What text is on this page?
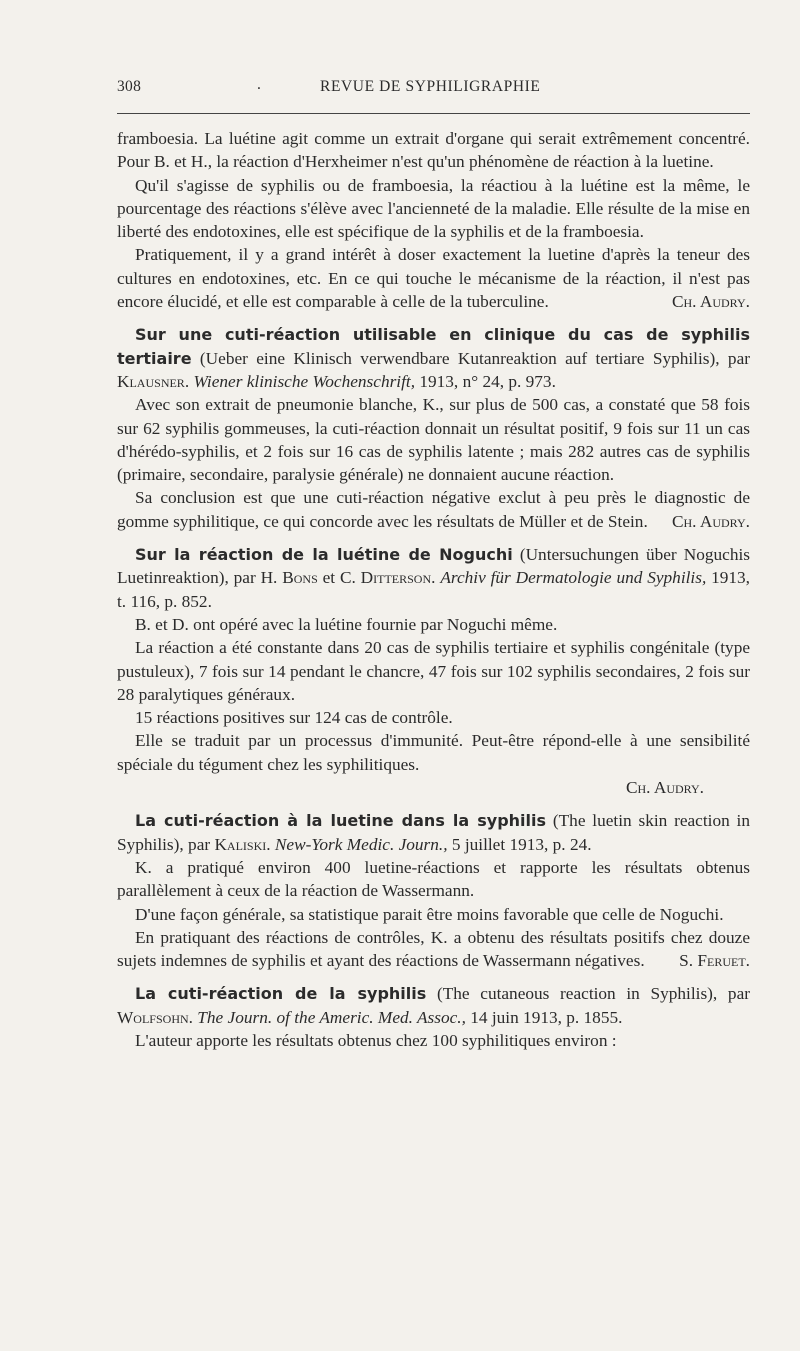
308	.	REVUE DE SYPHILIGRAPHIE

framboesia. La luétine agit comme un extrait d'organe qui serait extrêmement concentré. Pour B. et H., la réaction d'Herxheimer n'est qu'un phénomène de réaction à la luetine.

Qu'il s'agisse de syphilis ou de framboesia, la réactiou à la luétine est la même, le pourcentage des réactions s'élève avec l'ancienneté de la maladie. Elle résulte de la mise en liberté des endotoxines, elle est spécifique de la syphilis et de la framboesia.

Pratiquement, il y a grand intérêt à doser exactement la luetine d'après la teneur des cultures en endotoxines, etc. En ce qui touche le mécanisme de la réaction, il n'est pas encore élucidé, et elle est comparable à celle de la tuberculine.	Ch. Audry.

Sur une cuti-réaction utilisable en clinique du cas de syphilis tertiaire (Ueber eine Klinisch verwendbare Kutanreaktion auf tertiare Syphilis), par Klausner. Wiener klinische Wochenschrift, 1913, n° 24, p. 973.

Avec son extrait de pneumonie blanche, K., sur plus de 500 cas, a constaté que 58 fois sur 62 syphilis gommeuses, la cuti-réaction donnait un résultat positif, 9 fois sur 11 un cas d'hérédo-syphilis, et 2 fois sur 16 cas de syphilis latente ; mais 282 autres cas de syphilis (primaire, secondaire, paralysie générale) ne donnaient aucune réaction.

Sa conclusion est que une cuti-réaction négative exclut à peu près le diagnostic de gomme syphilitique, ce qui concorde avec les résultats de Müller et de Stein.	Ch. Audry.

Sur la réaction de la luétine de Noguchi (Untersuchungen über Noguchis Luetinreaktion), par H. Bons et C. Ditterson. Archiv für Dermatologie und Syphilis, 1913, t. 116, p. 852.

B. et D. ont opéré avec la luétine fournie par Noguchi même.

La réaction a été constante dans 20 cas de syphilis tertiaire et syphilis congénitale (type pustuleux), 7 fois sur 14 pendant le chancre, 47 fois sur 102 syphilis secondaires, 2 fois sur 28 paralytiques généraux.

15 réactions positives sur 124 cas de contrôle.

Elle se traduit par un processus d'immunité. Peut-être répond-elle à une sensibilité spéciale du tégument chez les syphilitiques.

Ch. Audry.

La cuti-réaction à la luetine dans la syphilis (The luetin skin reaction in Syphilis), par Kaliski. New-York Medic. Journ., 5 juillet 1913, p. 24.

K. a pratiqué environ 400 luetine-réactions et rapporte les résultats obtenus parallèlement à ceux de la réaction de Wassermann.

D'une façon générale, sa statistique parait être moins favorable que celle de Noguchi.

En pratiquant des réactions de contrôles, K. a obtenu des résultats positifs chez douze sujets indemnes de syphilis et ayant des réactions de Wassermann négatives.	S. Feruet.

La cuti-réaction de la syphilis (The cutaneous reaction in Syphilis), par Wolfsohn. The Journ. of the Americ. Med. Assoc., 14 juin 1913, p. 1855.

L'auteur apporte les résultats obtenus chez 100 syphilitiques environ :
